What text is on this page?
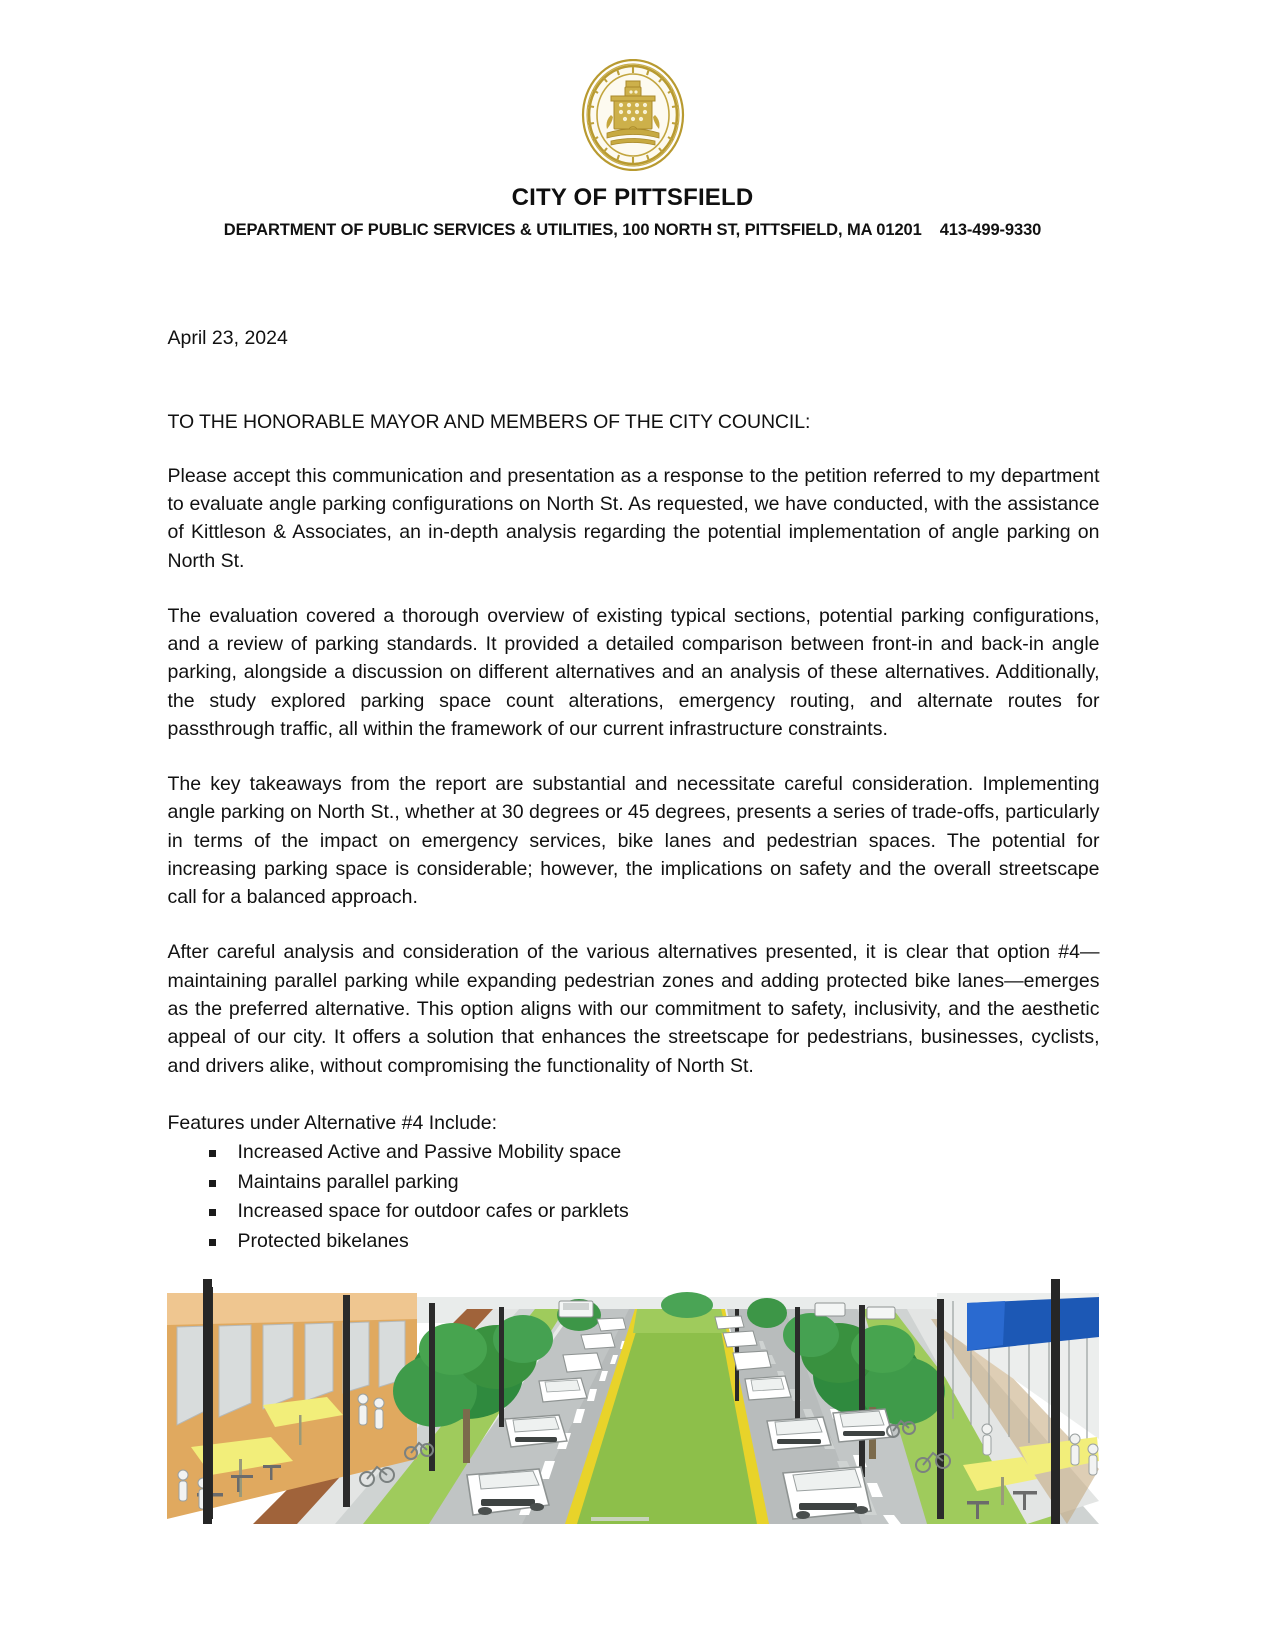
CITY OF PITTSFIELD
DEPARTMENT OF PUBLIC SERVICES & UTILITIES, 100 NORTH ST, PITTSFIELD, MA 01201 413-499-9330
April 23, 2024
TO THE HONORABLE MAYOR AND MEMBERS OF THE CITY COUNCIL:

Please accept this communication and presentation as a response to the petition referred to my department to evaluate angle parking configurations on North St. As requested, we have conducted, with the assistance of Kittleson & Associates, an in-depth analysis regarding the potential implementation of angle parking on North St.

The evaluation covered a thorough overview of existing typical sections, potential parking configurations, and a review of parking standards. It provided a detailed comparison between front-in and back-in angle parking, alongside a discussion on different alternatives and an analysis of these alternatives. Additionally, the study explored parking space count alterations, emergency routing, and alternate routes for passthrough traffic, all within the framework of our current infrastructure constraints.

The key takeaways from the report are substantial and necessitate careful consideration. Implementing angle parking on North St., whether at 30 degrees or 45 degrees, presents a series of trade-offs, particularly in terms of the impact on emergency services, bike lanes and pedestrian spaces. The potential for increasing parking space is considerable; however, the implications on safety and the overall streetscape call for a balanced approach.

After careful analysis and consideration of the various alternatives presented, it is clear that option #4—maintaining parallel parking while expanding pedestrian zones and adding protected bike lanes—emerges as the preferred alternative. This option aligns with our commitment to safety, inclusivity, and the aesthetic appeal of our city. It offers a solution that enhances the streetscape for pedestrians, businesses, cyclists, and drivers alike, without compromising the functionality of North St.

Features under Alternative #4 Include:
Increased Active and Passive Mobility space
Maintains parallel parking
Increased space for outdoor cafes or parklets
Protected bikelanes
